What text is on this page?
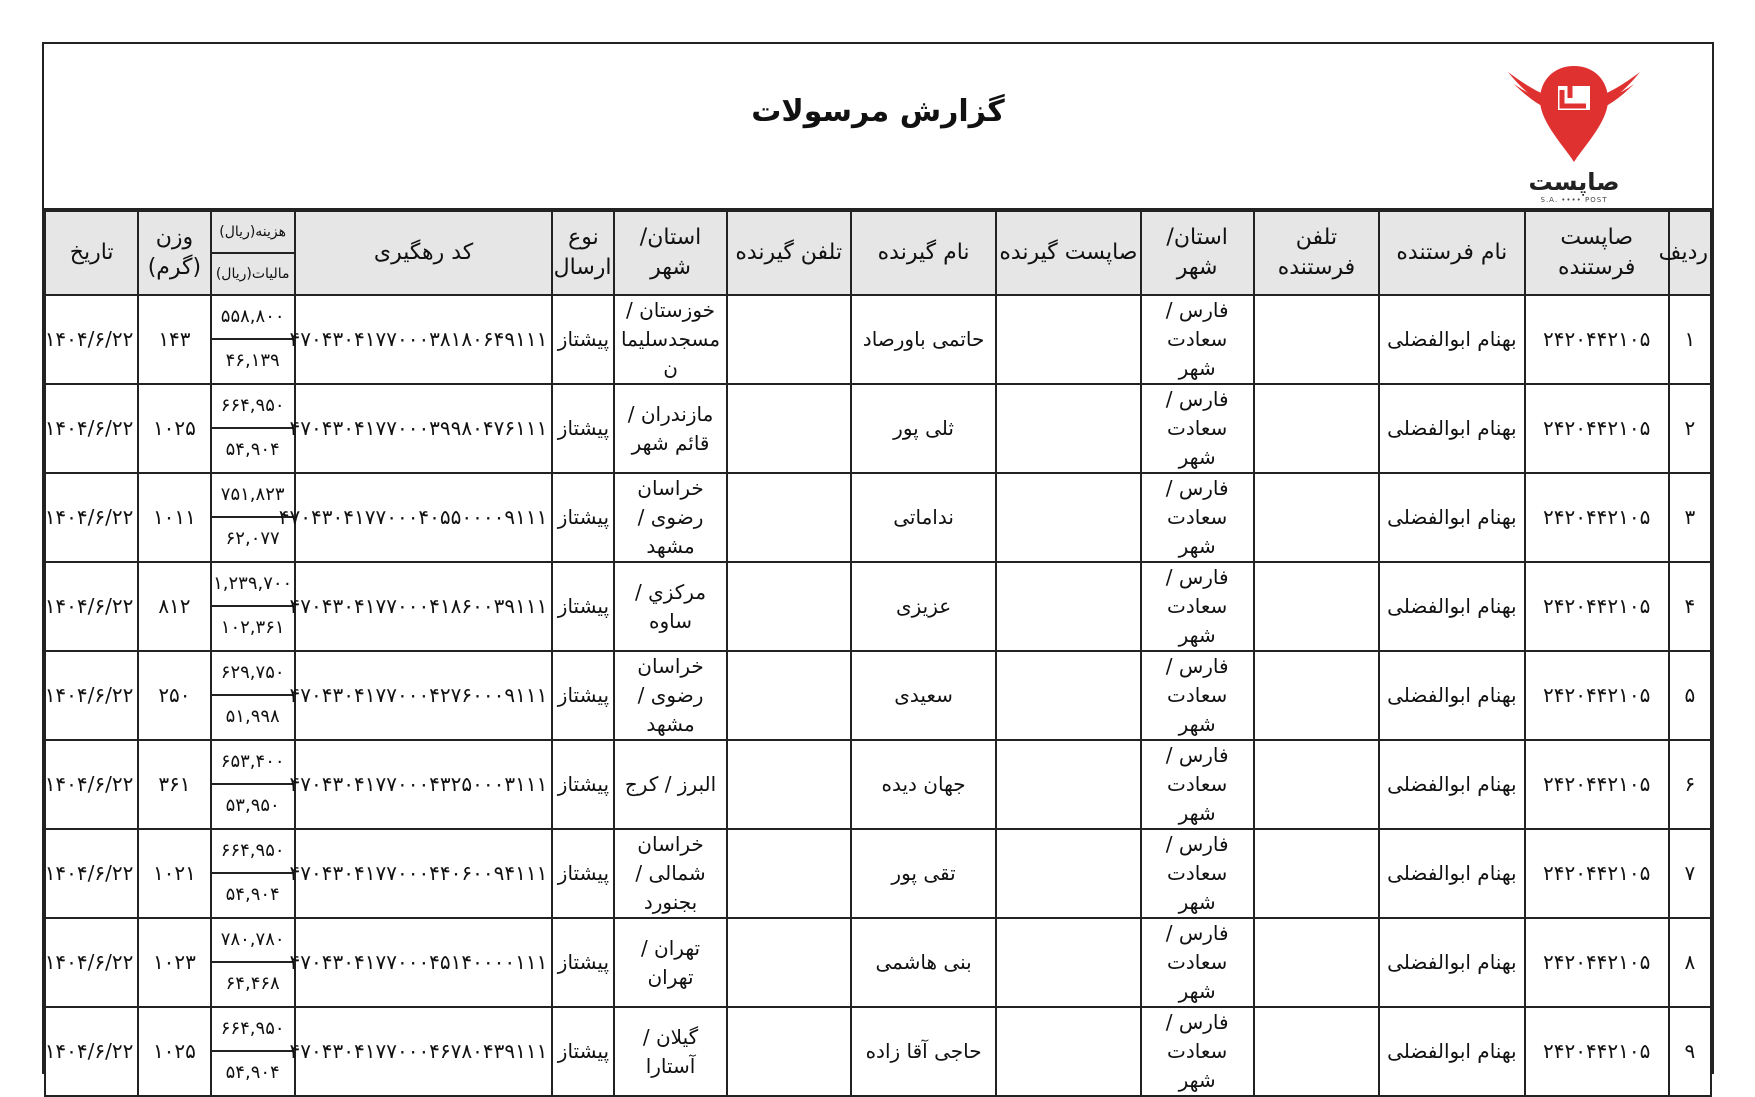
گزارش مرسولات
صاپست
S.A. •••• POST
ردیف	صاپست فرستنده	نام فرستنده	تلفن فرستنده	استان/ شهر	صاپست گیرنده	نام گیرنده	تلفن گیرنده	استان/ شهر	نوع ارسال	کد رهگیری	هزینه(ریال)	وزن (گرم)	تاریخ
											مالیات(ریال)		
۱	۲۴۲۰۴۴۲۱۰۵	بهنام ابوالفضلی		فارس / سعادت شهر		حاتمی باورصاد		خوزستان / مسجدسلیما ن	پیشتاز	۴۷۰۴۳۰۴۱۷۷۰۰۰۳۸۱۸۰۶۴۹۱۱۱	۵۵۸,۸۰۰	۱۴۳	۱۴۰۴/۶/۲۲
											۴۶,۱۳۹		
۲	۲۴۲۰۴۴۲۱۰۵	بهنام ابوالفضلی		فارس / سعادت شهر		ثلی پور		مازندران / قائم شهر	پیشتاز	۴۷۰۴۳۰۴۱۷۷۰۰۰۳۹۹۸۰۴۷۶۱۱۱	۶۶۴,۹۵۰	۱۰۲۵	۱۴۰۴/۶/۲۲
											۵۴,۹۰۴		
۳	۲۴۲۰۴۴۲۱۰۵	بهنام ابوالفضلی		فارس / سعادت شهر		نداماتی		خراسان رضوی / مشهد	پیشتاز	۴۷۰۴۳۰۴۱۷۷۰۰۰۴۰۵۵۰۰۰۰۹۱۱۱	۷۵۱,۸۲۳	۱۰۱۱	۱۴۰۴/۶/۲۲
											۶۲,۰۷۷		
۴	۲۴۲۰۴۴۲۱۰۵	بهنام ابوالفضلی		فارس / سعادت شهر		عزیزی		مرکزي / ساوه	پیشتاز	۴۷۰۴۳۰۴۱۷۷۰۰۰۴۱۸۶۰۰۳۹۱۱۱	۱,۲۳۹,۷۰۰	۸۱۲	۱۴۰۴/۶/۲۲
											۱۰۲,۳۶۱		
۵	۲۴۲۰۴۴۲۱۰۵	بهنام ابوالفضلی		فارس / سعادت شهر		سعیدی		خراسان رضوی / مشهد	پیشتاز	۴۷۰۴۳۰۴۱۷۷۰۰۰۴۲۷۶۰۰۰۹۱۱۱	۶۲۹,۷۵۰	۲۵۰	۱۴۰۴/۶/۲۲
											۵۱,۹۹۸		
۶	۲۴۲۰۴۴۲۱۰۵	بهنام ابوالفضلی		فارس / سعادت شهر		جهان دیده		البرز / کرج	پیشتاز	۴۷۰۴۳۰۴۱۷۷۰۰۰۴۳۲۵۰۰۰۳۱۱۱	۶۵۳,۴۰۰	۳۶۱	۱۴۰۴/۶/۲۲
											۵۳,۹۵۰		
۷	۲۴۲۰۴۴۲۱۰۵	بهنام ابوالفضلی		فارس / سعادت شهر		تقی پور		خراسان شمالی / بجنورد	پیشتاز	۴۷۰۴۳۰۴۱۷۷۰۰۰۴۴۰۶۰۰۹۴۱۱۱	۶۶۴,۹۵۰	۱۰۲۱	۱۴۰۴/۶/۲۲
											۵۴,۹۰۴		
۸	۲۴۲۰۴۴۲۱۰۵	بهنام ابوالفضلی		فارس / سعادت شهر		بنی هاشمی		تهران / تهران	پیشتاز	۴۷۰۴۳۰۴۱۷۷۰۰۰۴۵۱۴۰۰۰۰۱۱۱	۷۸۰,۷۸۰	۱۰۲۳	۱۴۰۴/۶/۲۲
											۶۴,۴۶۸		
۹	۲۴۲۰۴۴۲۱۰۵	بهنام ابوالفضلی		فارس / سعادت شهر		حاجی آقا زاده		گیلان / آستارا	پیشتاز	۴۷۰۴۳۰۴۱۷۷۰۰۰۴۶۷۸۰۴۳۹۱۱۱	۶۶۴,۹۵۰	۱۰۲۵	۱۴۰۴/۶/۲۲
											۵۴,۹۰۴		
